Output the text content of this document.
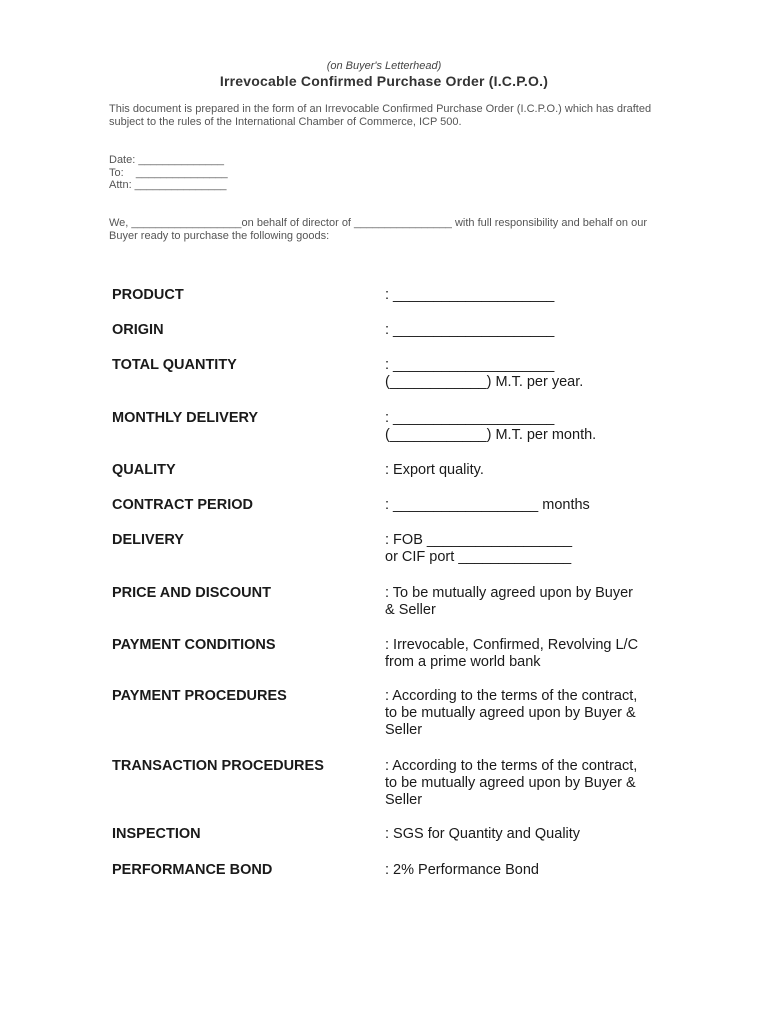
(on Buyer's Letterhead)
Irrevocable Confirmed Purchase Order (I.C.P.O.)
This document is prepared in the form of an Irrevocable Confirmed Purchase Order (I.C.P.O.) which has drafted subject to the rules of the International Chamber of Commerce, ICP 500.
Date: ______________
To:    _______________
Attn: _______________
We, __________________on behalf of director of ________________ with full responsibility and behalf on our Buyer ready to purchase the following goods:
PRODUCT	: ____________________
ORIGIN	: ____________________
TOTAL QUANTITY	: ____________________
(____________) M.T. per year.
MONTHLY DELIVERY	: ____________________
(____________) M.T. per month.
QUALITY	: Export quality.
CONTRACT PERIOD	: __________________ months
DELIVERY	: FOB __________________
or CIF port ______________
PRICE AND DISCOUNT	: To be mutually agreed upon by Buyer
& Seller
PAYMENT CONDITIONS	: Irrevocable, Confirmed, Revolving L/C
from a prime world bank
PAYMENT PROCEDURES	: According to the terms of the contract,
to be mutually agreed upon by Buyer &
Seller
TRANSACTION PROCEDURES	: According to the terms of the contract,
to be mutually agreed upon by Buyer &
Seller
INSPECTION	: SGS for Quantity and Quality
PERFORMANCE BOND	: 2% Performance Bond
